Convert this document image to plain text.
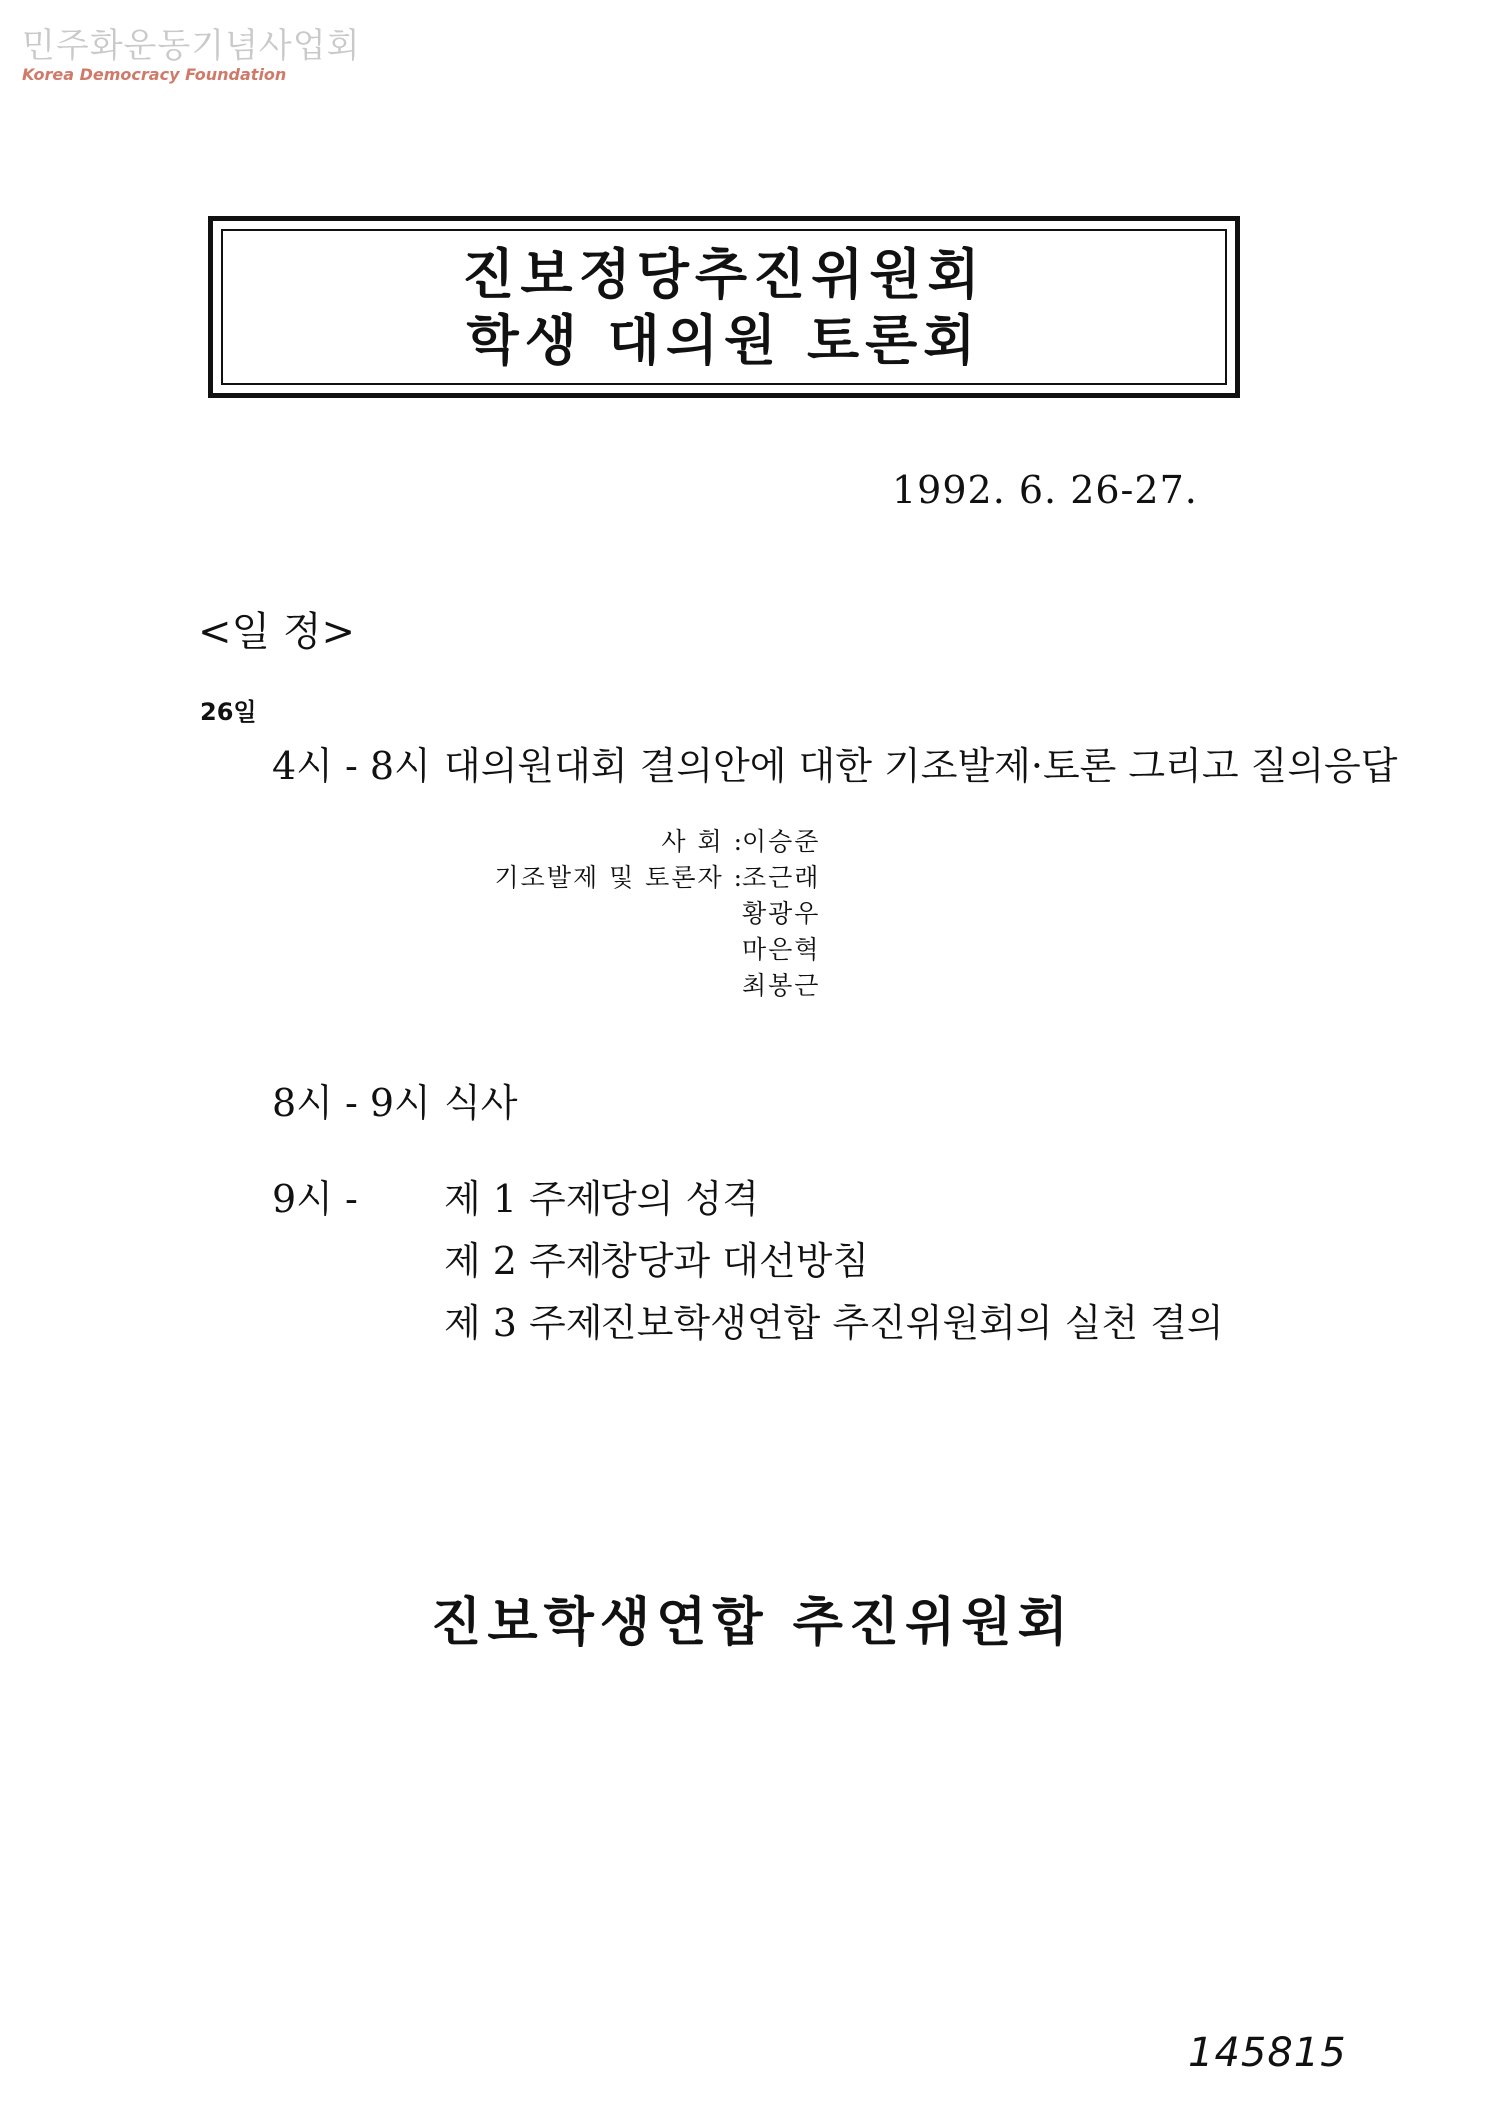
민주화운동기념사업회
Korea Democracy Foundation
진보정당추진위원회
학생 대의원 토론회
1992. 6. 26-27.
<일 정>
26일
4시 - 8시 대의원대회 결의안에 대한 기조발제·토론 그리고 질의응답
사 회 :
이승준
기조발제 및 토론자 :
조근래
황광우
마은혁
최봉근
8시 - 9시 식사
9시 - 제 1 주제
당의 성격
제 2 주제
창당과 대선방침
제 3 주제
진보학생연합 추진위원회의 실천 결의
진보학생연합 추진위원회
145815
